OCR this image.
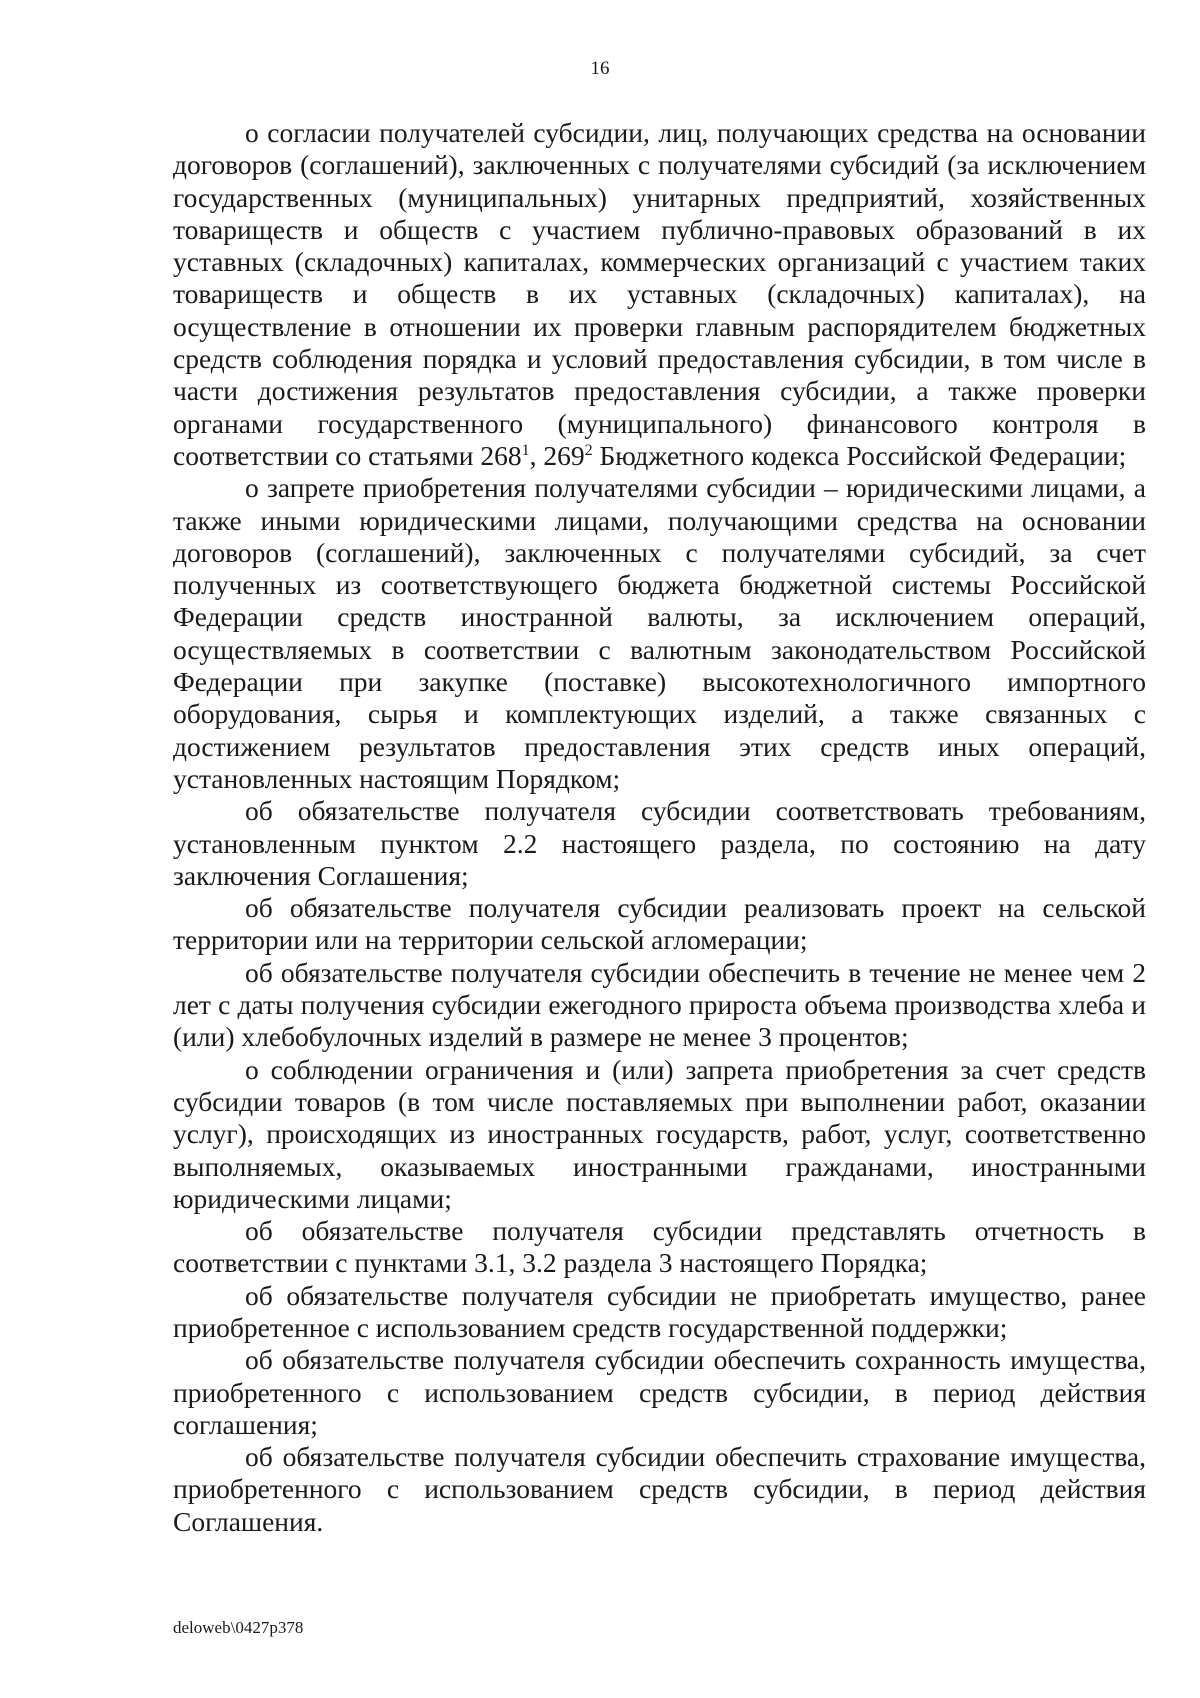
16

о согласии получателей субсидии, лиц, получающих средства на основании договоров (соглашений), заключенных с получателями субсидий (за исключением государственных (муниципальных) унитарных предприятий, хозяйственных товариществ и обществ с участием публично-правовых образований в их уставных (складочных) капиталах, коммерческих организаций с участием таких товариществ и обществ в их уставных (складочных) капиталах), на осуществление в отношении их проверки главным распорядителем бюджетных средств соблюдения порядка и условий предоставления субсидии, в том числе в части достижения результатов предоставления субсидии, а также проверки органами государственного (муниципального) финансового контроля в соответствии со статьями $268^1$, $269^2$ Бюджетного кодекса Российской Федерации;

о запрете приобретения получателями субсидии – юридическими лицами, а также иными юридическими лицами, получающими средства на основании договоров (соглашений), заключенных с получателями субсидий, за счет полученных из соответствующего бюджета бюджетной системы Российской Федерации средств иностранной валюты, за исключением операций, осуществляемых в соответствии с валютным законодательством Российской Федерации при закупке (поставке) высокотехнологичного импортного оборудования, сырья и комплектующих изделий, а также связанных с достижением результатов предоставления этих средств иных операций, установленных настоящим Порядком;

об обязательстве получателя субсидии соответствовать требованиям, установленным пунктом 2.2 настоящего раздела, по состоянию на дату заключения Соглашения;

об обязательстве получателя субсидии реализовать проект на сельской территории или на территории сельской агломерации;

об обязательстве получателя субсидии обеспечить в течение не менее чем 2 лет с даты получения субсидии ежегодного прироста объема производства хлеба и (или) хлебобулочных изделий в размере не менее 3 процентов;

о соблюдении ограничения и (или) запрета приобретения за счет средств субсидии товаров (в том числе поставляемых при выполнении работ, оказании услуг), происходящих из иностранных государств, работ, услуг, соответственно выполняемых, оказываемых иностранными гражданами, иностранными юридическими лицами;

об обязательстве получателя субсидии представлять отчетность в соответствии с пунктами 3.1, 3.2 раздела 3 настоящего Порядка;

об обязательстве получателя субсидии не приобретать имущество, ранее приобретенное с использованием средств государственной поддержки;

об обязательстве получателя субсидии обеспечить сохранность имущества, приобретенного с использованием средств субсидии, в период действия соглашения;

об обязательстве получателя субсидии обеспечить страхование имущества, приобретенного с использованием средств субсидии, в период действия Соглашения.

deloweb\0427p378
